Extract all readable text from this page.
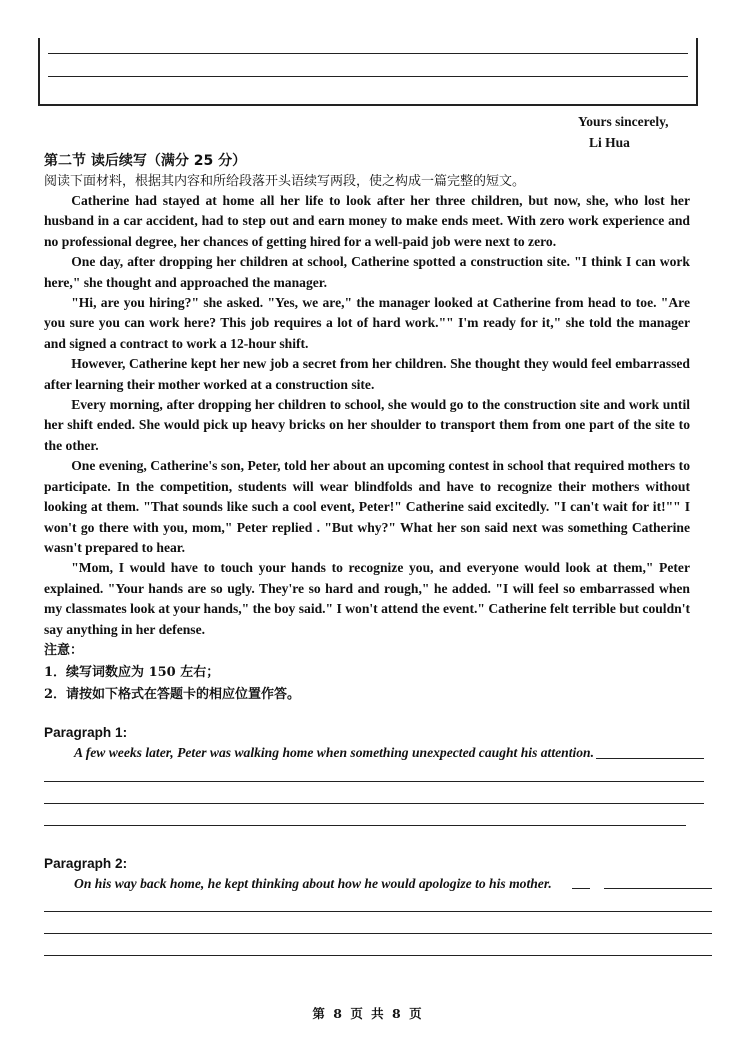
Yours sincerely,
Li Hua
第二节 读后续写（满分 25 分）
阅读下面材料，根据其内容和所给段落开头语续写两段，使之构成一篇完整的短文。

Catherine had stayed at home all her life to look after her three children, but now, she, who lost her husband in a car accident, had to step out and earn money to make ends meet. With zero work experience and no professional degree, her chances of getting hired for a well-paid job were next to zero.

One day, after dropping her children at school, Catherine spotted a construction site. "I think I can work here," she thought and approached the manager.

"Hi, are you hiring?" she asked. "Yes, we are," the manager looked at Catherine from head to toe. "Are you sure you can work here? This job requires a lot of hard work."" I'm ready for it," she told the manager and signed a contract to work a 12-hour shift.

However, Catherine kept her new job a secret from her children. She thought they would feel embarrassed after learning their mother worked at a construction site.

Every morning, after dropping her children to school, she would go to the construction site and work until her shift ended. She would pick up heavy bricks on her shoulder to transport them from one part of the site to the other.

One evening, Catherine's son, Peter, told her about an upcoming contest in school that required mothers to participate. In the competition, students will wear blindfolds and have to recognize their mothers without looking at them. "That sounds like such a cool event, Peter!" Catherine said excitedly. "I can't wait for it!"" I won't go there with you, mom," Peter replied . "But why?" What her son said next was something Catherine wasn't prepared to hear.

"Mom, I would have to touch your hands to recognize you, and everyone would look at them," Peter explained. "Your hands are so ugly. They're so hard and rough," he added. "I will feel so embarrassed when my classmates look at your hands," the boy said." I won't attend the event." Catherine felt terrible but couldn't say anything in her defense.

注意：
1．续写词数应为 150 左右；
2．请按如下格式在答题卡的相应位置作答。
Paragraph 1:
A few weeks later, Peter was walking home when something unexpected caught his attention.
Paragraph 2:
On his way back home, he kept thinking about how he would apologize to his mother.
第 8 页 共 8 页
